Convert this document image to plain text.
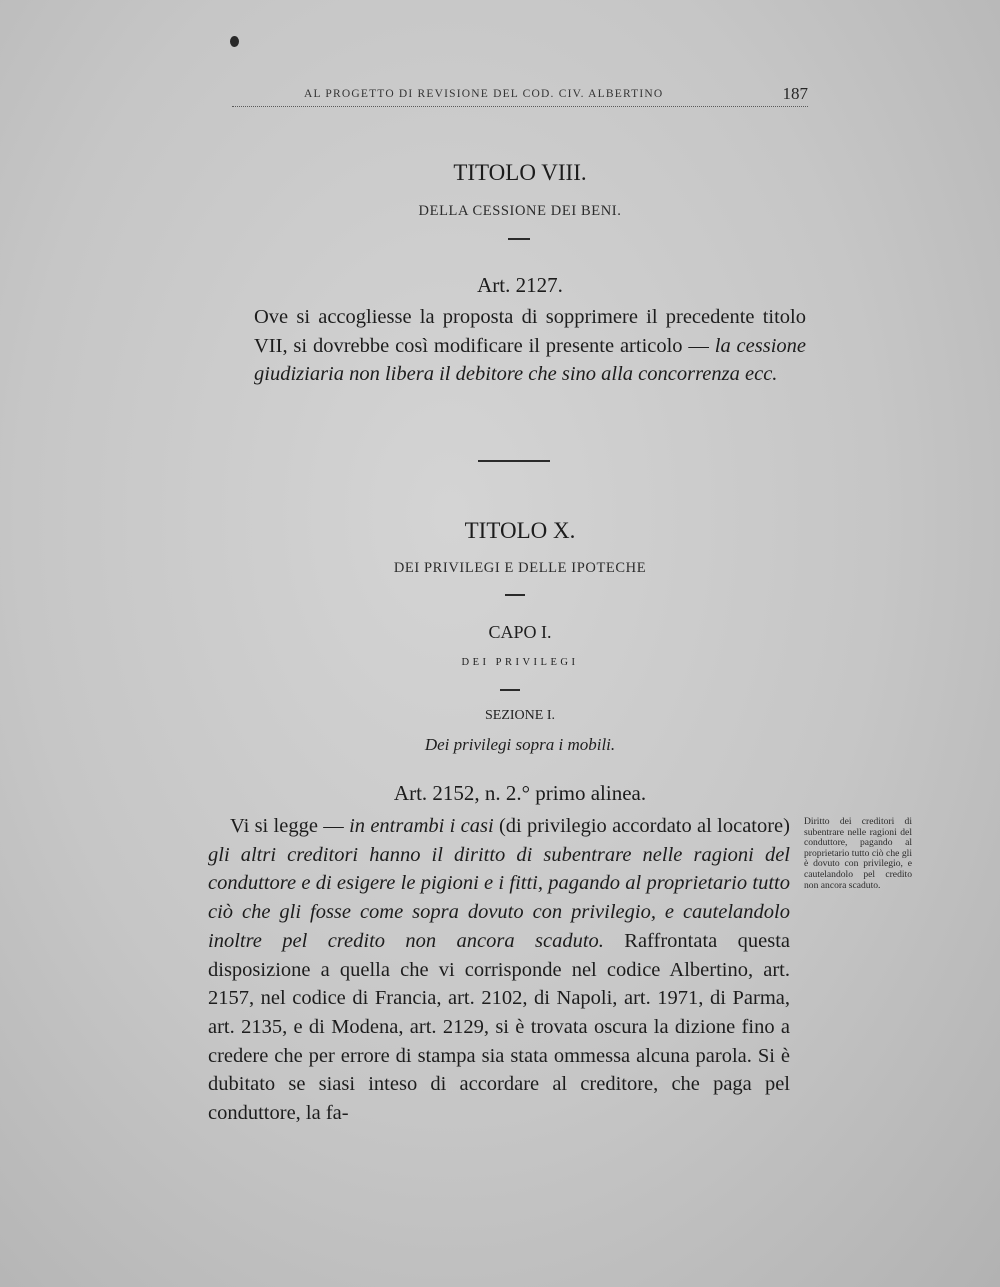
AL PROGETTO DI REVISIONE DEL COD. CIV. ALBERTINO	187
TITOLO VIII.
DELLA CESSIONE DEI BENI.
Art. 2127.
Ove si accogliesse la proposta di sopprimere il precedente titolo VII, si dovrebbe così modificare il presente articolo — la cessione giudiziaria non libera il debitore che sino alla concorrenza ecc.
TITOLO X.
DEI PRIVILEGI E DELLE IPOTECHE
CAPO I.
DEI PRIVILEGI
SEZIONE I.
Dei privilegi sopra i mobili.
Art. 2152, n. 2.° primo alinea.
Vi si legge — in entrambi i casi (di privilegio accordato al locatore) gli altri creditori hanno il diritto di subentrare nelle ragioni del conduttore e di esigere le pigioni e i fitti, pagando al proprietario tutto ciò che gli fosse come sopra dovuto con privilegio, e cautelandolo inoltre pel credito non ancora scaduto. Raffrontata questa disposizione a quella che vi corrisponde nel codice Albertino, art. 2157, nel codice di Francia, art. 2102, di Napoli, art. 1971, di Parma, art. 2135, e di Modena, art. 2129, si è trovata oscura la dizione fino a credere che per errore di stampa sia stata ommessa alcuna parola. Si è dubitato se siasi inteso di accordare al creditore, che paga pel conduttore, la fa-
Diritto dei creditori di subentrare nelle ragioni del conduttore, pagando al proprietario tutto ciò che gli è dovuto con privilegio, e cautelandolo pel credito non ancora scaduto.
